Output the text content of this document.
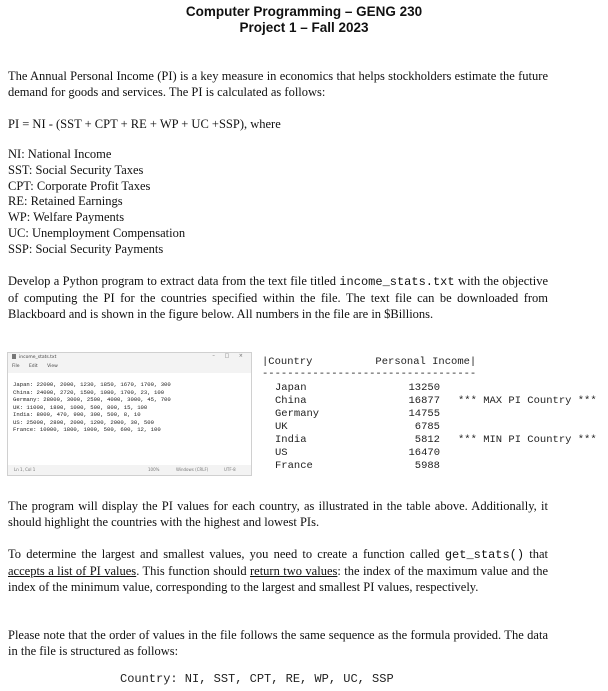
Computer Programming – GENG 230
Project 1 – Fall 2023

The Annual Personal Income (PI) is a key measure in economics that helps stockholders estimate the future demand for goods and services. The PI is calculated as follows:

PI = NI - (SST + CPT + RE + WP + UC +SSP), where

NI: National Income
SST: Social Security Taxes
CPT: Corporate Profit Taxes
RE: Retained Earnings
WP: Welfare Payments
UC: Unemployment Compensation
SSP: Social Security Payments

Develop a Python program to extract data from the text file titled income_stats.txt with the objective of computing the PI for the countries specified within the file. The text file can be downloaded from Blackboard and is shown in the figure below. All numbers in the file are in $Billions.

income_stats.txt	– □ ×
File Edit View
Japan: 22000, 2000, 1230, 1850, 1670, 1700, 300
China: 24000, 2720, 1500, 1080, 1700, 23, 100
Germany: 28000, 3000, 2500, 4000, 3000, 45, 700
UK: 11000, 1800, 1000, 500, 800, 15, 100
India: 8000, 470, 900, 300, 500, 8, 10
US: 25000, 2800, 2000, 1200, 2000, 30, 500
France: 10000, 1800, 1000, 500, 600, 12, 100
Ln 1, Col 1	100%	Windows (CRLF)	UTF-8
|Country          Personal Income|
----------------------------------
Japan	13250
China	16877 *** MAX PI Country ***
Germany	14755
UK	6785
India	5812 *** MIN PI Country ***
US	16470
France	5988

The program will display the PI values for each country, as illustrated in the table above. Additionally, it should highlight the countries with the highest and lowest PIs.

To determine the largest and smallest values, you need to create a function called get_stats() that accepts a list of PI values. This function should return two values: the index of the maximum value and the index of the minimum value, corresponding to the largest and smallest PI values, respectively.

Please note that the order of values in the file follows the same sequence as the formula provided. The data in the file is structured as follows:

Country: NI, SST, CPT, RE, WP, UC, SSP
